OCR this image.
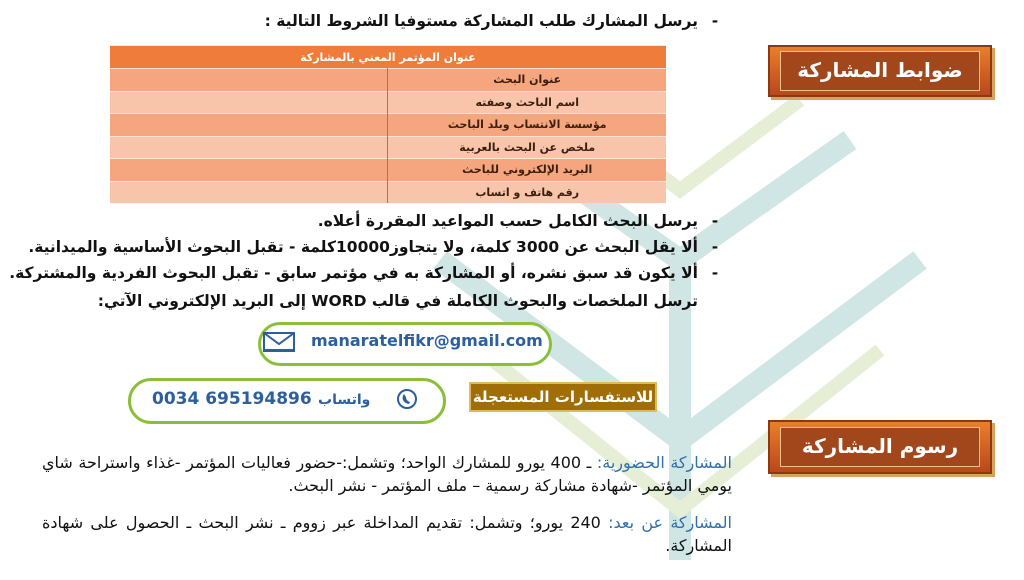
-يرسل المشارك طلب المشاركة مستوفيا الشروط التالية :
عنوان المؤتمر المعني بالمشاركة	
عنوان البحث	
اسم الباحث وصفته	
مؤسسة الانتساب وبلد الباحث	
ملخص عن البحث بالعربية	
البريد الإلكتروني للباحث	
رقم هاتف و اتساب	
-يرسل البحث الكامل حسب المواعيد المقررة أعلاه.
-ألا يقل البحث عن 3000 كلمة، ولا يتجاوز10000كلمة - تقبل البحوث الأساسية والميدانية.
-ألا يكون قد سبق نشره، أو المشاركة به في مؤتمر سابق - تقبل البحوث الفردية والمشتركة.
ترسل الملخصات والبحوث الكاملة في قالب WORD إلى البريد الإلكتروني الآتي:
manaratelfikr@gmail.com
0034 695194896 واتساب	للاستفسارات المستعجلة
ضوابط المشاركة
رسوم المشاركة
المشاركة الحضورية: ـ 400 يورو للمشارك الواحد؛ وتشمل:-حضور فعاليات المؤتمر -غذاء واستراحة شاي يومي المؤتمر -شهادة مشاركة رسمية – ملف المؤتمر - نشر البحث.
المشاركة عن بعد: 240 يورو؛ وتشمل: تقديم المداخلة عبر زووم ـ نشر البحث ـ الحصول على شهادة المشاركة.
